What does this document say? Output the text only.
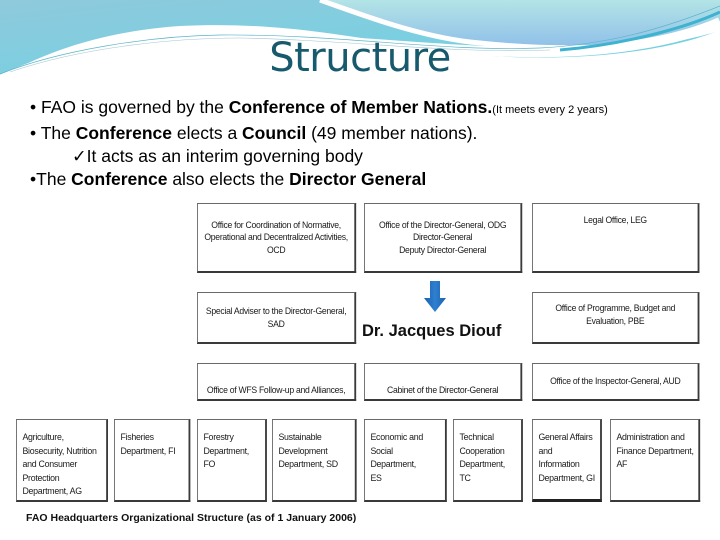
Structure
• FAO is governed by the Conference of Member Nations.(It meets every 2 years)
• The Conference elects a Council (49 member nations).
✓It acts as an interim governing body
•The Conference also elects the Director General
Office for Coordination of Normative,
Operational and Decentralized Activities,
OCD
Office of the Director-General, ODG
Director-General
Deputy Director-General
Legal Office, LEG
Dr. Jacques Diouf
Special Adviser to the Director-General,
SAD
Office of Programme, Budget and
Evaluation, PBE
Office of WFS Follow-up and Alliances,	Cabinet of the Director-General
Office of the Inspector-General, AUD
Agriculture,
Biosecurity, Nutrition
and Consumer
Protection
Department, AG
Fisheries
Department, FI
Forestry
Department,
FO
Sustainable
Development
Department, SD
Economic and
Social Department,
ES
Technical
Cooperation
Department,
TC
General Affairs
and
Information
Department, GI
Administration and
Finance Department,
AF
FAO Headquarters Organizational Structure (as of 1 January 2006)
